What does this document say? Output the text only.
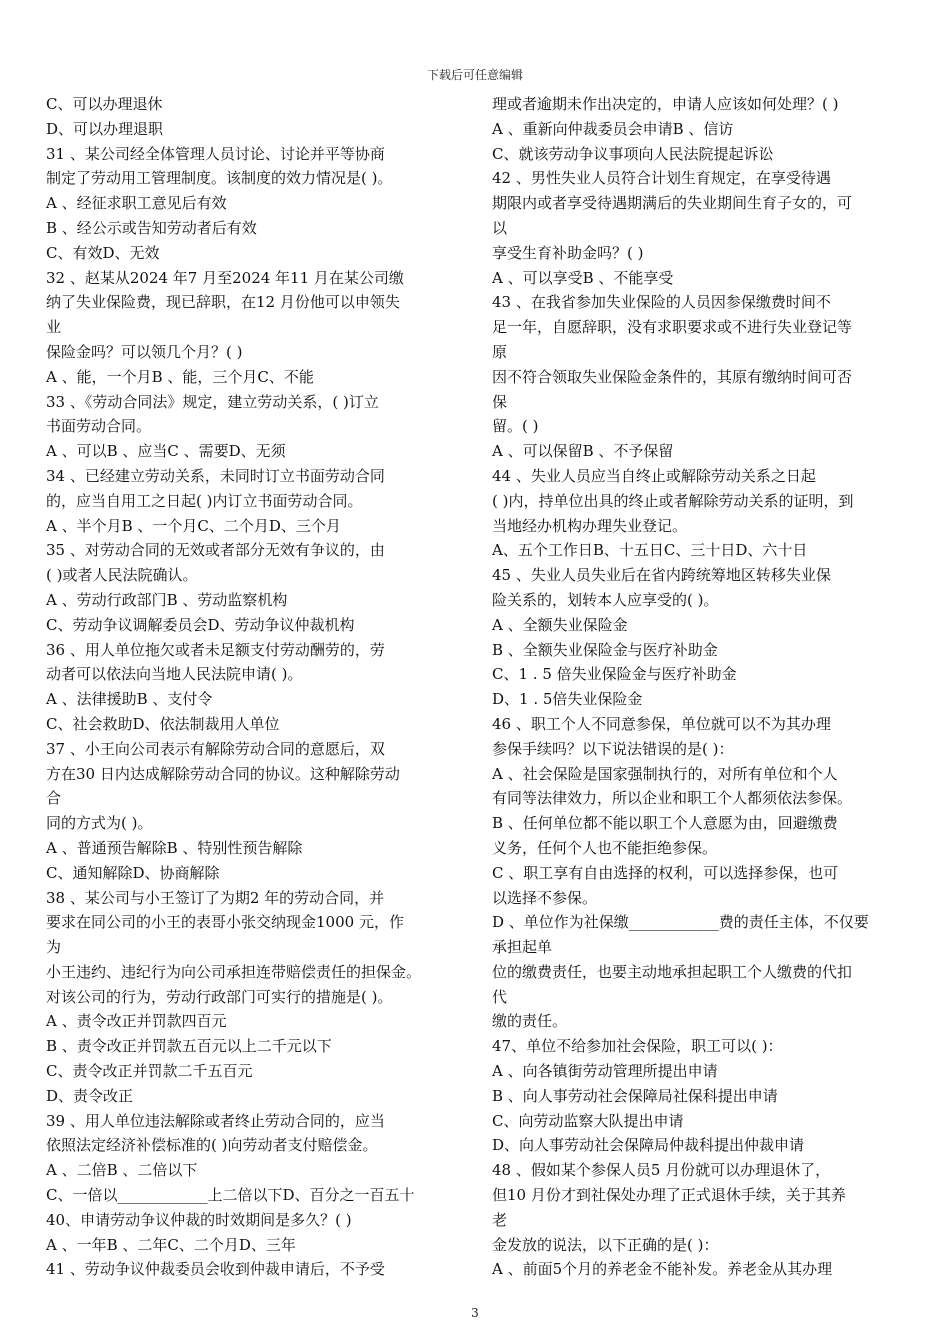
下载后可任意编辑
C、可以办理退休
D、可以办理退职
31 、某公司经全体管理人员讨论、讨论并平等协商
制定了劳动用工管理制度。该制度的效力情况是( )。
A 、经征求职工意见后有效
B 、经公示或告知劳动者后有效
C、有效D、无效
32 、赵某从2024 年7 月至2024 年11 月在某公司缴
纳了失业保险费，现已辞职，在12 月份他可以申领失
业
保险金吗？可以领几个月？( )
A 、能，一个月B 、能，三个月C、不能
33 、《劳动合同法》规定，建立劳动关系，( )订立
书面劳动合同。
A 、可以B 、应当C 、需要D、无须
34 、已经建立劳动关系，未同时订立书面劳动合同
的，应当自用工之日起( )内订立书面劳动合同。
A 、半个月B 、一个月C、二个月D、三个月
35 、对劳动合同的无效或者部分无效有争议的，由
( )或者人民法院确认。
A 、劳动行政部门B 、劳动监察机构
C、劳动争议调解委员会D、劳动争议仲裁机构
36 、用人单位拖欠或者未足额支付劳动酬劳的，劳
动者可以依法向当地人民法院申请( )。
A 、法律援助B 、支付令
C、社会救助D、依法制裁用人单位
37 、小王向公司表示有解除劳动合同的意愿后，双
方在30 日内达成解除劳动合同的协议。这种解除劳动
合
同的方式为( )。
A 、普通预告解除B 、特别性预告解除
C、通知解除D、协商解除
38 、某公司与小王签订了为期2 年的劳动合同，并
要求在同公司的小王的表哥小张交纳现金1000 元，作
为
小王违约、违纪行为向公司承担连带赔偿责任的担保金。
对该公司的行为，劳动行政部门可实行的措施是( )。
A 、责令改正并罚款四百元
B 、责令改正并罚款五百元以上二千元以下
C、责令改正并罚款二千五百元
D、责令改正
39 、用人单位违法解除或者终止劳动合同的，应当
依照法定经济补偿标准的( )向劳动者支付赔偿金。
A 、二倍B 、二倍以下
C、一倍以____________上二倍以下D、百分之一百五十
40、申请劳动争议仲裁的时效期间是多久？( )
A 、一年B 、二年C、二个月D、三年
41 、劳动争议仲裁委员会收到仲裁申请后，不予受
理或者逾期未作出决定的，申请人应该如何处理？( )
A 、重新向仲裁委员会申请B 、信访
C、就该劳动争议事项向人民法院提起诉讼
42 、男性失业人员符合计划生育规定，在享受待遇
期限内或者享受待遇期满后的失业期间生育子女的，可
以
享受生育补助金吗？( )
A 、可以享受B 、不能享受
43 、在我省参加失业保险的人员因参保缴费时间不
足一年，自愿辞职，没有求职要求或不进行失业登记等
原
因不符合领取失业保险金条件的，其原有缴纳时间可否
保
留。( )
A 、可以保留B 、不予保留
44 、失业人员应当自终止或解除劳动关系之日起
( )内，持单位出具的终止或者解除劳动关系的证明，到
当地经办机构办理失业登记。
A、五个工作日B、十五日C、三十日D、六十日
45 、失业人员失业后在省内跨统筹地区转移失业保
险关系的，划转本人应享受的( )。
A 、全额失业保险金
B 、全额失业保险金与医疗补助金
C、1 . 5 倍失业保险金与医疗补助金
D、1 . 5倍失业保险金
46 、职工个人不同意参保，单位就可以不为其办理
参保手续吗？以下说法错误的是( )：
A 、社会保险是国家强制执行的，对所有单位和个人
有同等法律效力，所以企业和职工个人都须依法参保。
B 、任何单位都不能以职工个人意愿为由，回避缴费
义务，任何个人也不能拒绝参保。
C 、职工享有自由选择的权利，可以选择参保，也可
以选择不参保。
D 、单位作为社保缴____________费的责任主体，不仅要
承担起单
位的缴费责任，也要主动地承担起职工个人缴费的代扣
代
缴的责任。
47、单位不给参加社会保险，职工可以( )：
A 、向各镇街劳动管理所提出申请
B 、向人事劳动社会保障局社保科提出申请
C、向劳动监察大队提出申请
D、向人事劳动社会保障局仲裁科提出仲裁申请
48 、假如某个参保人员5 月份就可以办理退休了，
但10 月份才到社保处办理了正式退休手续，关于其养
老
金发放的说法，以下正确的是( )：
A 、前面5个月的养老金不能补发。养老金从其办理
3
